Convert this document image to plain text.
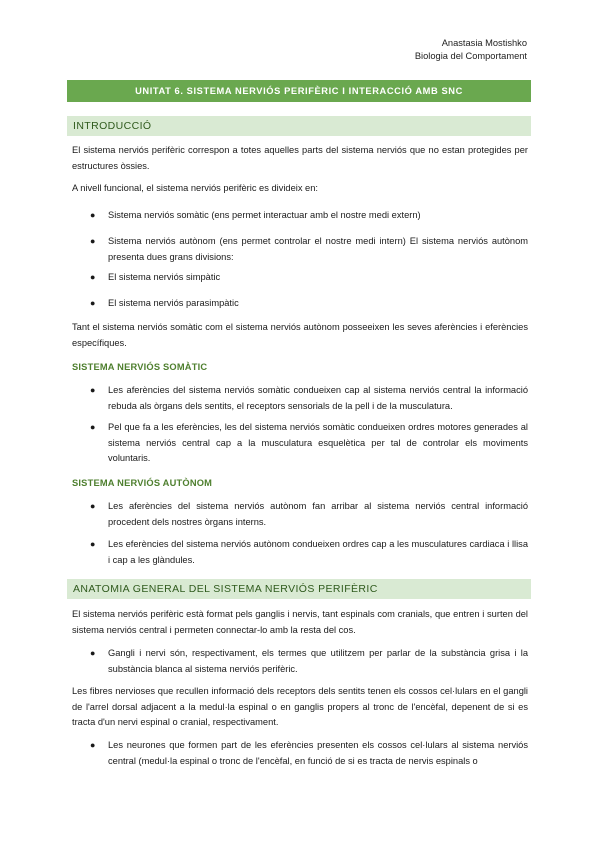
Anastasia Mostishko
Biologia del Comportament
UNITAT 6. SISTEMA NERVIÓS PERIFÈRIC I INTERACCIÓ AMB SNC
INTRODUCCIÓ
El sistema nerviós perifèric correspon a totes aquelles parts del sistema nerviós que no estan protegides per estructures òssies.
A nivell funcional, el sistema nerviós perifèric es divideix en:
● Sistema nerviós somàtic (ens permet interactuar amb el nostre medi extern)
● Sistema nerviós autònom (ens permet controlar el nostre medi intern) El sistema nerviós autònom presenta dues grans divisions:
● El sistema nerviós simpàtic
● El sistema nerviós parasimpàtic
Tant el sistema nerviós somàtic com el sistema nerviós autònom posseeixen les seves aferències i eferències específiques.
SISTEMA NERVIÓS SOMÀTIC
● Les aferències del sistema nerviós somàtic condueixen cap al sistema nerviós central la informació rebuda als òrgans dels sentits, el receptors sensorials de la pell i de la musculatura.
● Pel que fa a les eferències, les del sistema nerviós somàtic condueixen ordres motores generades al sistema nerviós central cap a la musculatura esquelètica per tal de controlar els moviments voluntaris.
SISTEMA NERVIÓS AUTÒNOM
● Les aferències del sistema nerviós autònom fan arribar al sistema nerviós central informació procedent dels nostres òrgans interns.
● Les eferències del sistema nerviós autònom condueixen ordres cap a les musculatures cardiaca i llisa i cap a les glàndules.
ANATOMIA GENERAL DEL SISTEMA NERVIÓS PERIFÈRIC
El sistema nerviós perifèric està format pels ganglis i nervis, tant espinals com cranials, que entren i surten del sistema nerviós central i permeten connectar-lo amb la resta del cos.
● Gangli i nervi són, respectivament, els termes que utilitzem per parlar de la substància grisa i la substància blanca al sistema nerviós perifèric.
Les fibres nervioses que recullen informació dels receptors dels sentits tenen els cossos cel·lulars en el gangli de l'arrel dorsal adjacent a la medul·la espinal o en ganglis propers al tronc de l'encèfal, depenent de si es tracta d'un nervi espinal o cranial, respectivament.
● Les neurones que formen part de les eferències presenten els cossos cel·lulars al sistema nerviós central (medul·la espinal o tronc de l'encèfal, en funció de si es tracta de nervis espinals o
